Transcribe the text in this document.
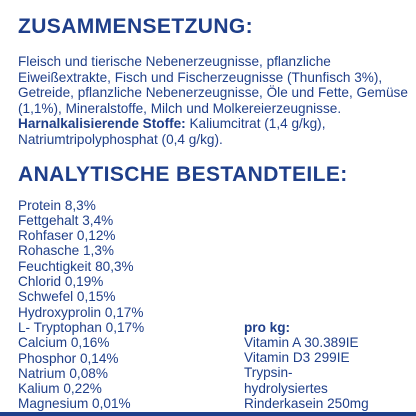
ZUSAMMENSETZUNG:

Fleisch und tierische Nebenerzeugnisse, pflanzliche Eiweißextrakte, Fisch und Fischerzeugnisse (Thunfisch 3%), Getreide, pflanzliche Nebenerzeugnisse, Öle und Fette, Gemüse (1,1%), Mineralstoffe, Milch und Molkereierzeugnisse. Harnalkalisierende Stoffe: Kaliumcitrat (1,4 g/kg), Natriumtripolyphosphat (0,4 g/kg).

ANALYTISCHE BESTANDTEILE:
Protein 8,3%
Fettgehalt 3,4%
Rohfaser 0,12%
Rohasche 1,3%
Feuchtigkeit 80,3%
Chlorid 0,19%
Schwefel 0,15%
Hydroxyprolin 0,17%
L- Tryptophan 0,17%
Calcium 0,16%
Phosphor 0,14%
Natrium 0,08%
Kalium 0,22%
Magnesium 0,01%
pro kg:
Vitamin A 30.389IE
Vitamin D3 299IE
Trypsin-
hydrolysiertes
Rinderkasein 250mg
